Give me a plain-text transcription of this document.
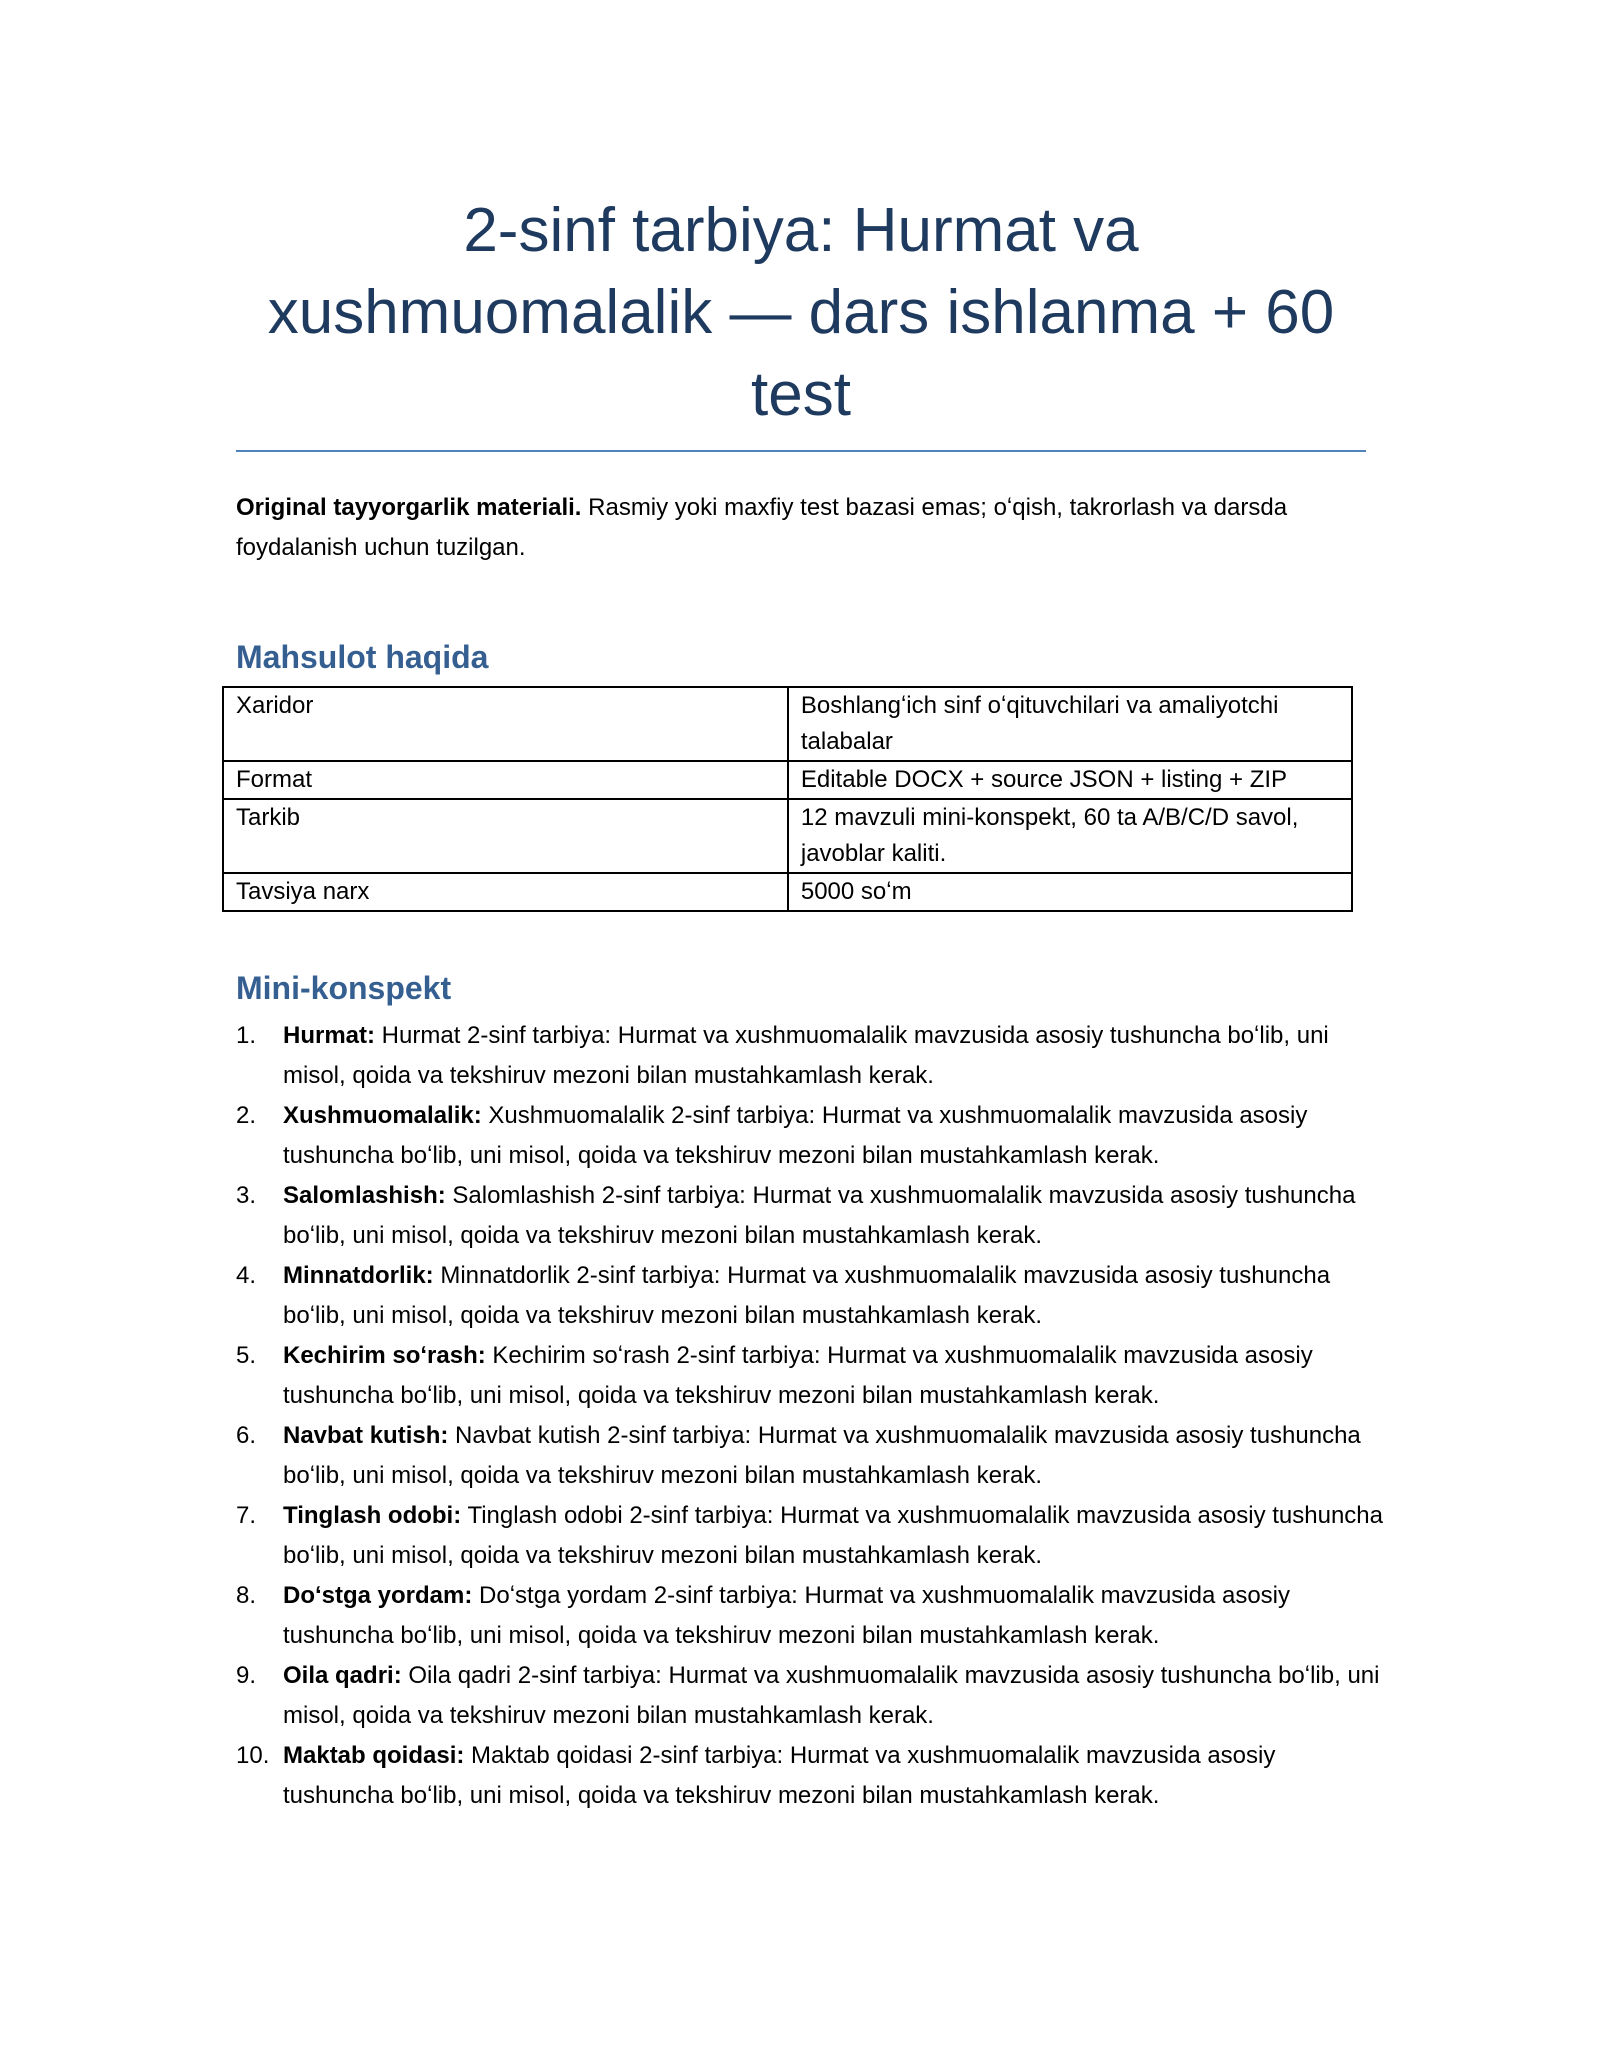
2-sinf tarbiya: Hurmat va xushmuomalalik — dars ishlanma + 60 test

Original tayyorgarlik materiali. Rasmiy yoki maxfiy test bazasi emas; oʻqish, takrorlash va darsda foydalanish uchun tuzilgan.

Mahsulot haqida
Xaridor	Boshlangʻich sinf oʻqituvchilari va amaliyotchi talabalar
Format	Editable DOCX + source JSON + listing + ZIP
Tarkib	12 mavzuli mini-konspekt, 60 ta A/B/C/D savol, javoblar kaliti.
Tavsiya narx	5000 soʻm
Mini-konspekt
1. Hurmat: Hurmat 2-sinf tarbiya: Hurmat va xushmuomalalik mavzusida asosiy tushuncha boʻlib, uni misol, qoida va tekshiruv mezoni bilan mustahkamlash kerak.
2. Xushmuomalalik: Xushmuomalalik 2-sinf tarbiya: Hurmat va xushmuomalalik mavzusida asosiy tushuncha boʻlib, uni misol, qoida va tekshiruv mezoni bilan mustahkamlash kerak.
3. Salomlashish: Salomlashish 2-sinf tarbiya: Hurmat va xushmuomalalik mavzusida asosiy tushuncha boʻlib, uni misol, qoida va tekshiruv mezoni bilan mustahkamlash kerak.
4. Minnatdorlik: Minnatdorlik 2-sinf tarbiya: Hurmat va xushmuomalalik mavzusida asosiy tushuncha boʻlib, uni misol, qoida va tekshiruv mezoni bilan mustahkamlash kerak.
5. Kechirim soʻrash: Kechirim soʻrash 2-sinf tarbiya: Hurmat va xushmuomalalik mavzusida asosiy tushuncha boʻlib, uni misol, qoida va tekshiruv mezoni bilan mustahkamlash kerak.
6. Navbat kutish: Navbat kutish 2-sinf tarbiya: Hurmat va xushmuomalalik mavzusida asosiy tushuncha boʻlib, uni misol, qoida va tekshiruv mezoni bilan mustahkamlash kerak.
7. Tinglash odobi: Tinglash odobi 2-sinf tarbiya: Hurmat va xushmuomalalik mavzusida asosiy tushuncha boʻlib, uni misol, qoida va tekshiruv mezoni bilan mustahkamlash kerak.
8. Doʻstga yordam: Doʻstga yordam 2-sinf tarbiya: Hurmat va xushmuomalalik mavzusida asosiy tushuncha boʻlib, uni misol, qoida va tekshiruv mezoni bilan mustahkamlash kerak.
9. Oila qadri: Oila qadri 2-sinf tarbiya: Hurmat va xushmuomalalik mavzusida asosiy tushuncha boʻlib, uni misol, qoida va tekshiruv mezoni bilan mustahkamlash kerak.
10. Maktab qoidasi: Maktab qoidasi 2-sinf tarbiya: Hurmat va xushmuomalalik mavzusida asosiy tushuncha boʻlib, uni misol, qoida va tekshiruv mezoni bilan mustahkamlash kerak.
